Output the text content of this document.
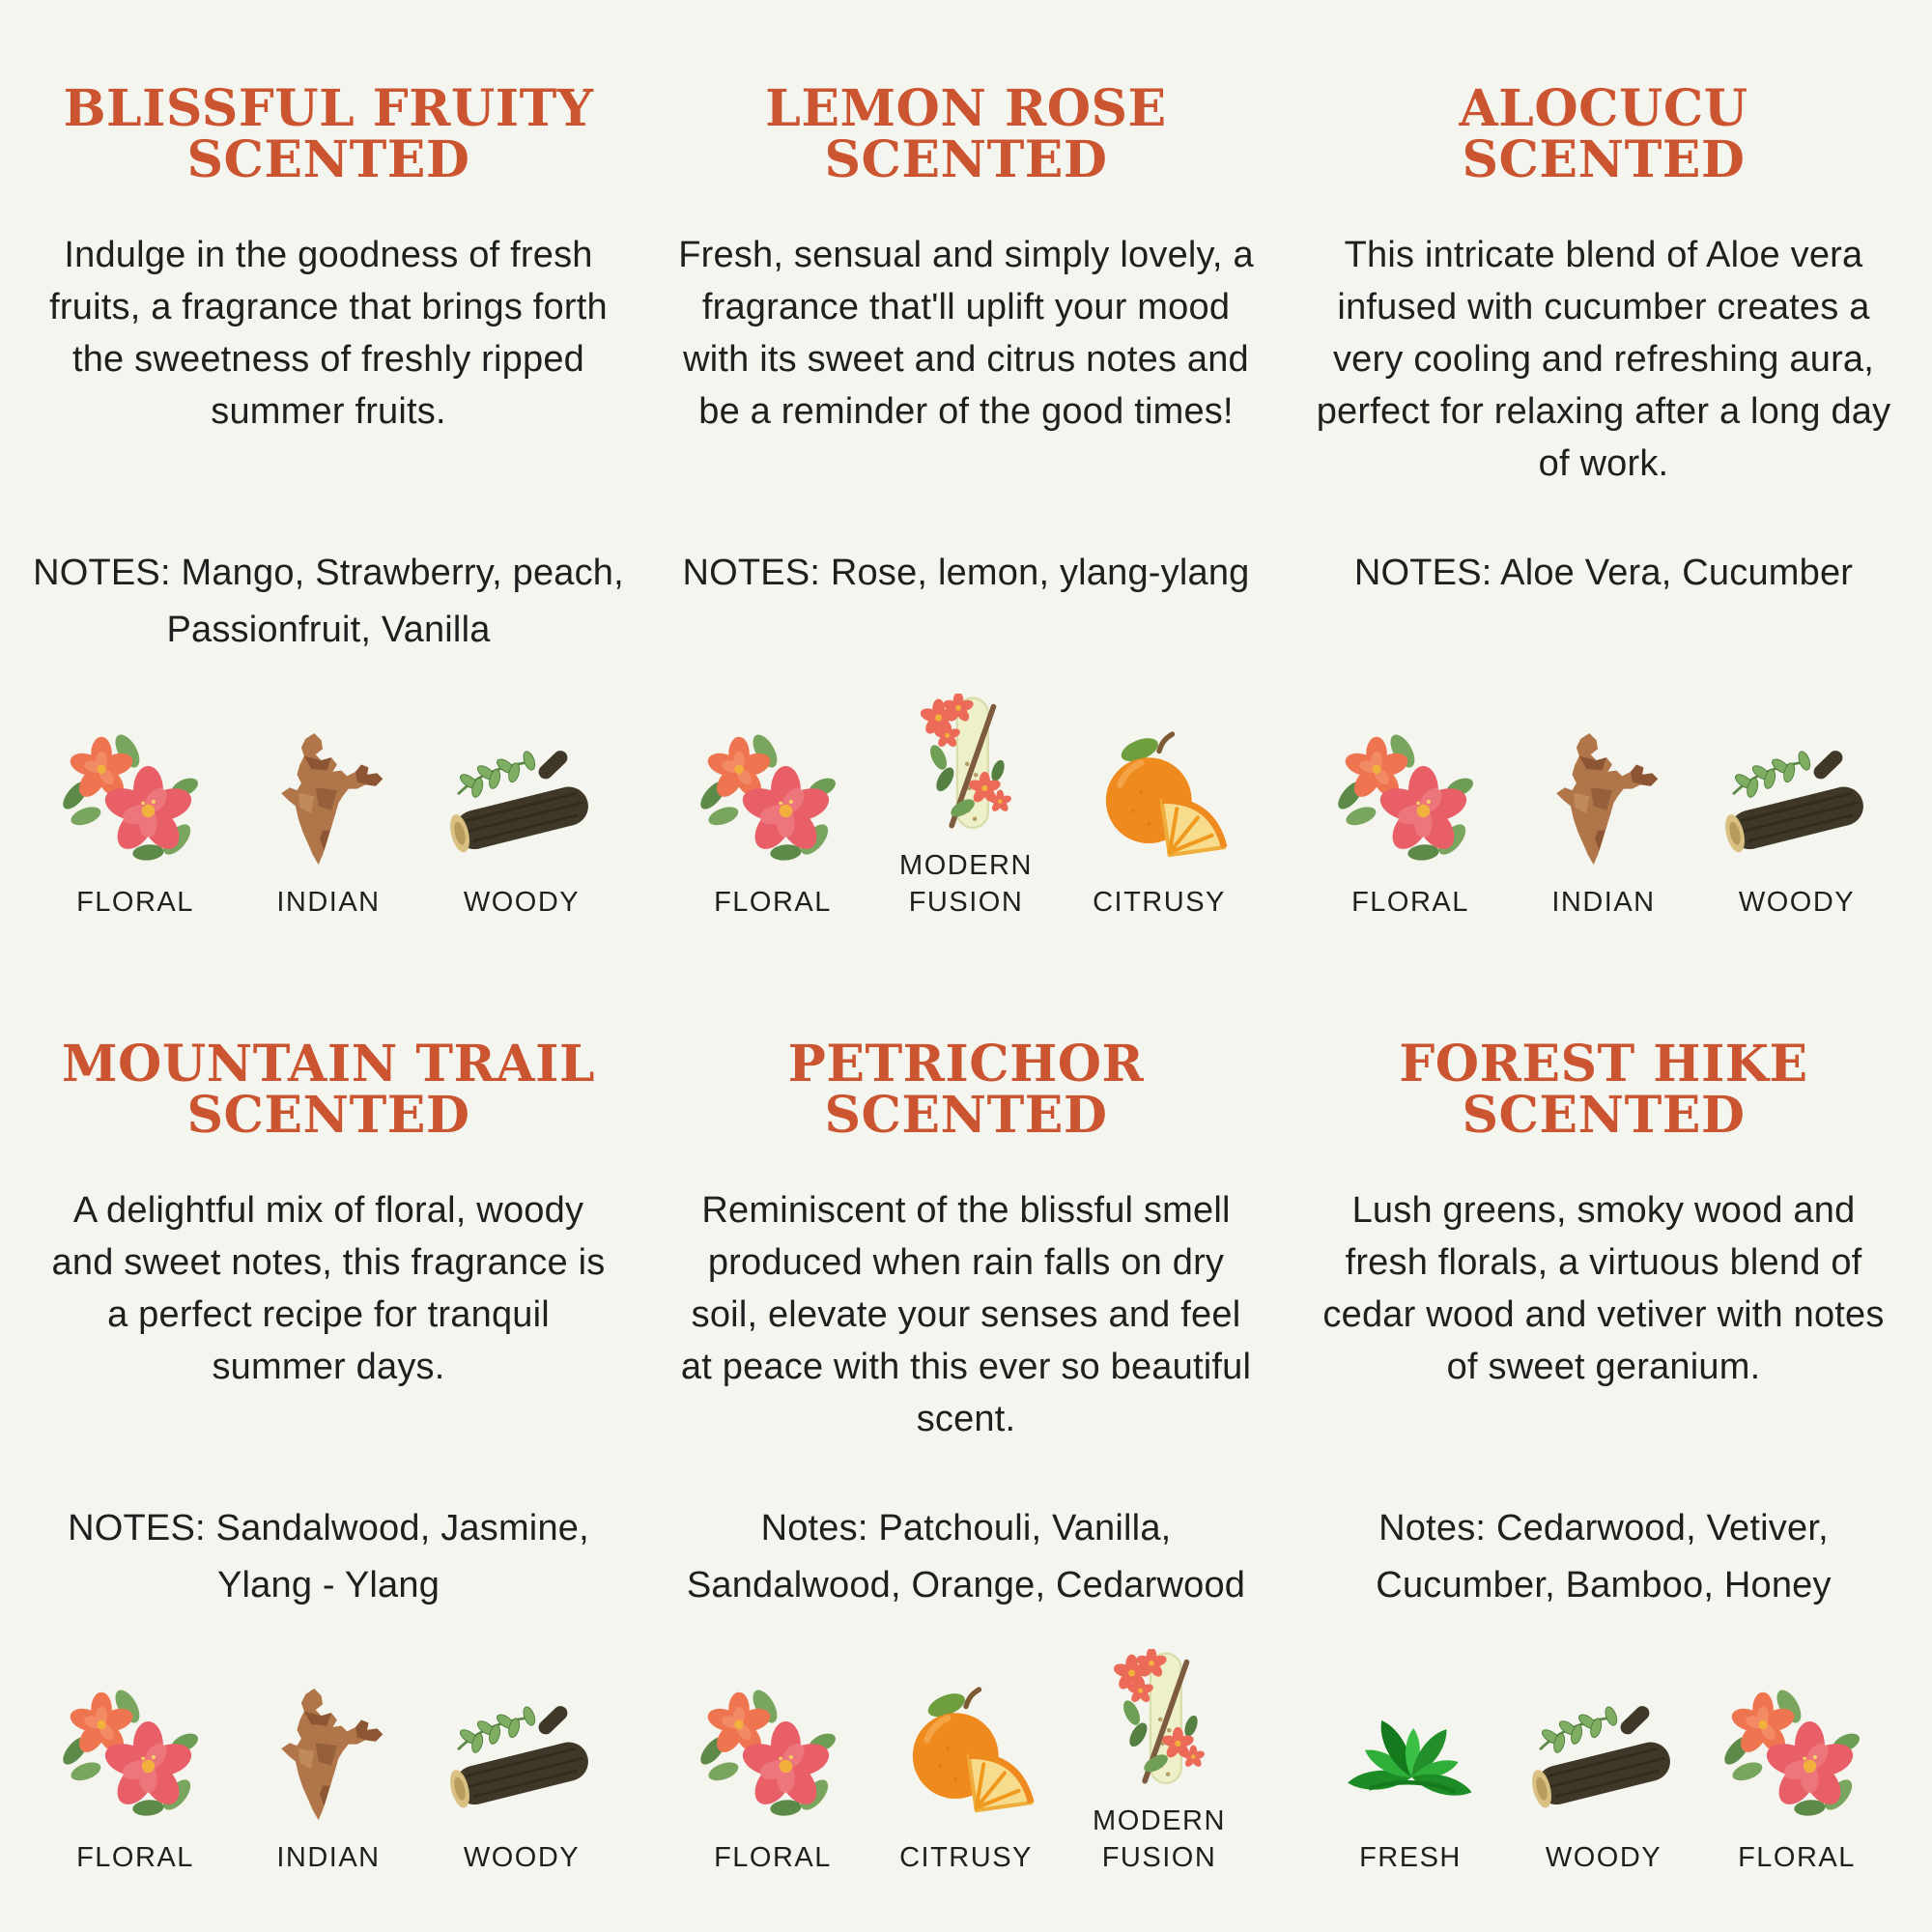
BLISSFUL FRUITY
SCENTED

Indulge in the goodness of fresh fruits, a fragrance that brings forth the sweetness of freshly ripped summer fruits.

NOTES: Mango, Strawberry, peach, Passionfruit, Vanilla

FLORAL	INDIAN	WOODY
LEMON ROSE
SCENTED

Fresh, sensual and simply lovely, a fragrance that'll uplift your mood with its sweet and citrus notes and be a reminder of the good times!

NOTES: Rose, lemon, ylang-ylang

FLORAL
MODERN FUSION	CITRUSY
ALOCUCU
SCENTED

This intricate blend of Aloe vera infused with cucumber creates a very cooling and refreshing aura, perfect for relaxing after a long day of work.

NOTES: Aloe Vera, Cucumber

FLORAL	INDIAN	WOODY
MOUNTAIN TRAIL
SCENTED

A delightful mix of floral, woody and sweet notes, this fragrance is a perfect recipe for tranquil summer days.

NOTES: Sandalwood, Jasmine, Ylang - Ylang

FLORAL	INDIAN	WOODY
PETRICHOR
SCENTED

Reminiscent of the blissful smell produced when rain falls on dry soil, elevate your senses and feel at peace with this ever so beautiful scent.

Notes: Patchouli, Vanilla, Sandalwood, Orange, Cedarwood

FLORAL CITRUSY
MODERN FUSION
FOREST HIKE
SCENTED

Lush greens, smoky wood and fresh florals, a virtuous blend of cedar wood and vetiver with notes of sweet geranium.

Notes: Cedarwood, Vetiver, Cucumber, Bamboo, Honey

FRESH	WOODY	FLORAL
